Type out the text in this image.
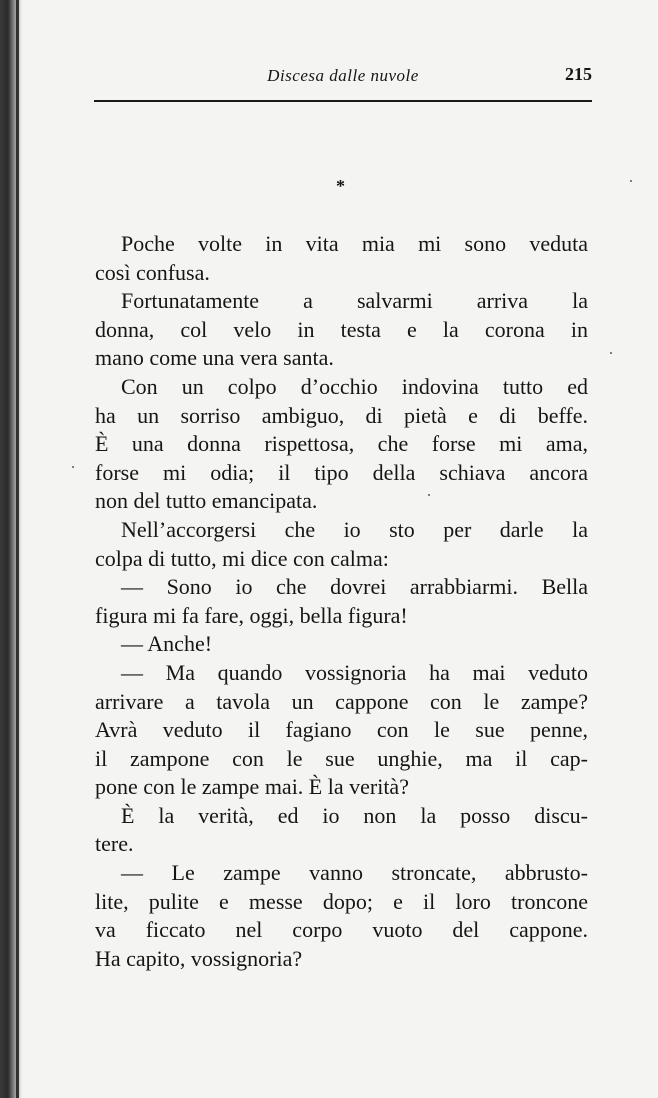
Discesa dalle nuvole	215
*
Poche volte in vita mia mi sono veduta
così confusa.
Fortunatamente a salvarmi arriva la
donna, col velo in testa e la corona in
mano come una vera santa.
Con un colpo d’occhio indovina tutto ed
ha un sorriso ambiguo, di pietà e di beffe.
È una donna rispettosa, che forse mi ama,
forse mi odia; il tipo della schiava ancora
non del tutto emancipata.
Nell’accorgersi che io sto per darle la
colpa di tutto, mi dice con calma:
— Sono io che dovrei arrabbiarmi. Bella
figura mi fa fare, oggi, bella figura!
— Anche!
— Ma quando vossignoria ha mai veduto
arrivare a tavola un cappone con le zampe?
Avrà veduto il fagiano con le sue penne,
il zampone con le sue unghie, ma il cap-
pone con le zampe mai. È la verità?
È la verità, ed io non la posso discu-
tere.
— Le zampe vanno stroncate, abbrusto-
lite, pulite e messe dopo; e il loro troncone
va ficcato nel corpo vuoto del cappone.
Ha capito, vossignoria?
